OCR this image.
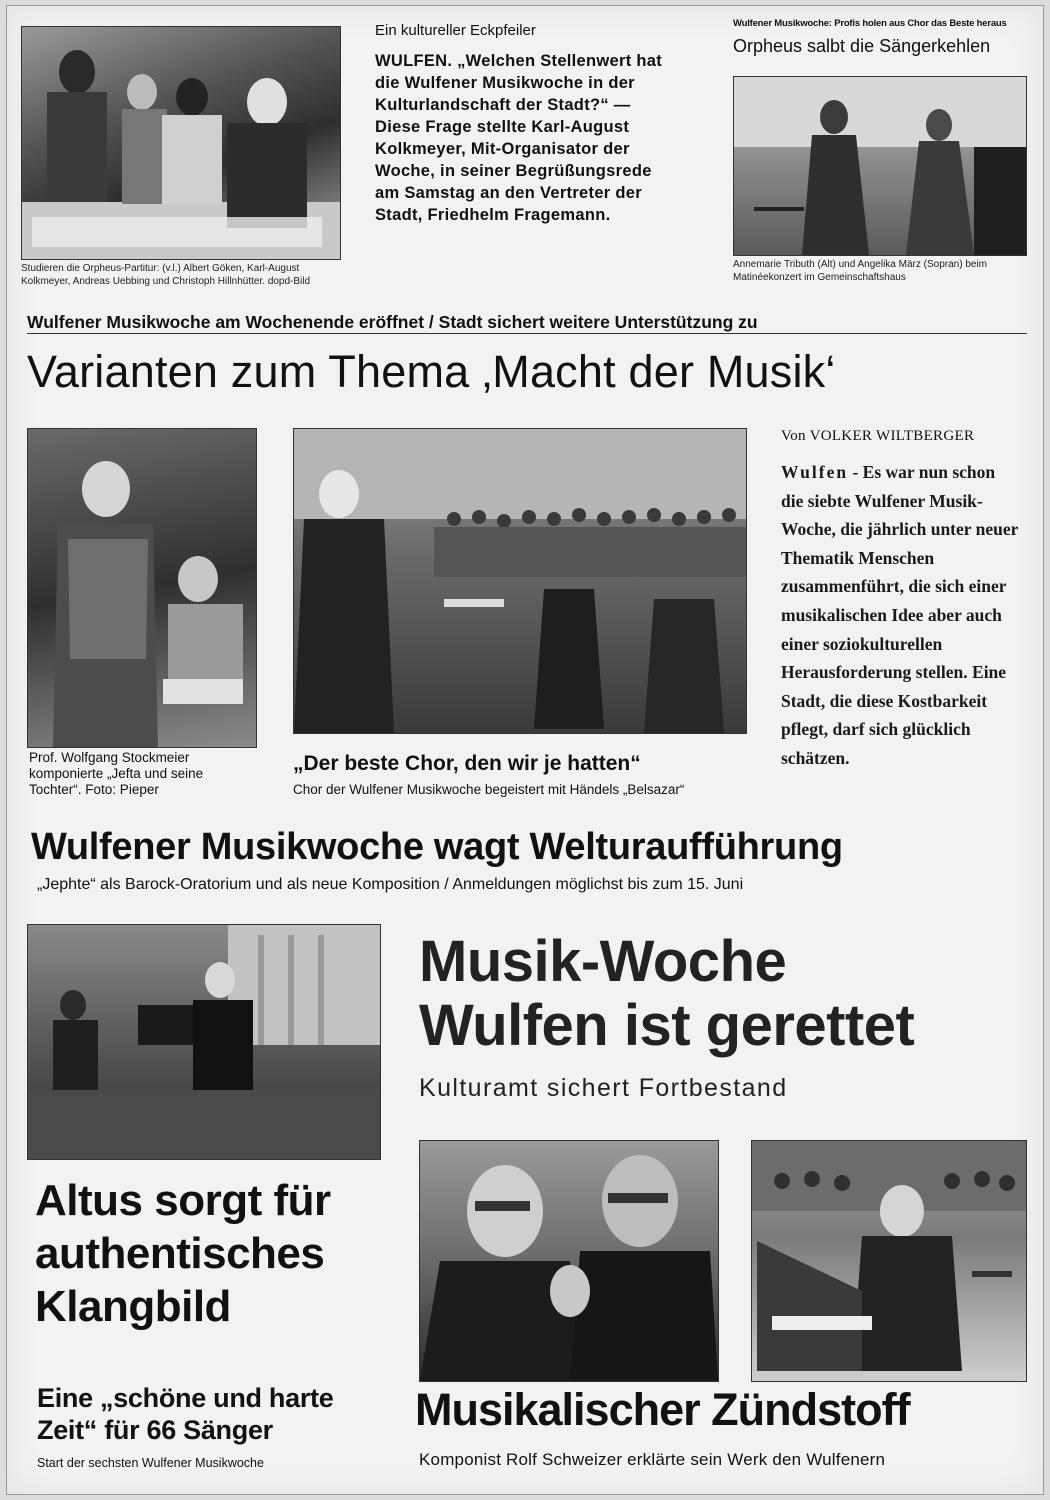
Studieren die Orpheus-Partitur: (v.l.) Albert Göken, Karl-August Kolkmeyer, Andreas Uebbing und Christoph Hillnhütter. dopd-Bild
Ein kultureller Eckpfeiler
WULFEN. „Welchen Stellenwert hat die Wulfener Musikwoche in der Kulturlandschaft der Stadt?“ — Diese Frage stellte Karl-August Kolkmeyer, Mit-Organisator der Woche, in seiner Begrüßungsrede am Samstag an den Vertreter der Stadt, Friedhelm Fragemann.
Wulfener Musikwoche: Profis holen aus Chor das Beste heraus
Orpheus salbt die Sängerkehlen
Annemarie Tributh (Alt) und Angelika März (Sopran) beim Matinéekonzert im Gemeinschaftshaus
Wulfener Musikwoche am Wochenende eröffnet / Stadt sichert weitere Unterstützung zu
Varianten zum Thema ‚Macht der Musik‘
Prof. Wolfgang Stockmeier komponierte „Jefta und seine Tochter“. Foto: Pieper
„Der beste Chor, den wir je hatten“
Chor der Wulfener Musikwoche begeistert mit Händels „Belsazar“
Von VOLKER WILTBERGER
Wulfen - Es war nun schon die siebte Wulfener Musik-Woche, die jährlich unter neuer Thematik Menschen zusammenführt, die sich einer musikalischen Idee aber auch einer soziokulturellen Herausforderung stellen. Eine Stadt, die diese Kostbarkeit pflegt, darf sich glücklich schätzen.
Wulfener Musikwoche wagt Welturaufführung
„Jephte“ als Barock-Oratorium und als neue Komposition / Anmeldungen möglichst bis zum 15. Juni
Musik-Woche
Wulfen ist gerettet
Kulturamt sichert Fortbestand
Altus sorgt für
authentisches
Klangbild
Eine „schöne und harte
Zeit“ für 66 Sänger
Start der sechsten Wulfener Musikwoche
Musikalischer Zündstoff
Komponist Rolf Schweizer erklärte sein Werk den Wulfenern
